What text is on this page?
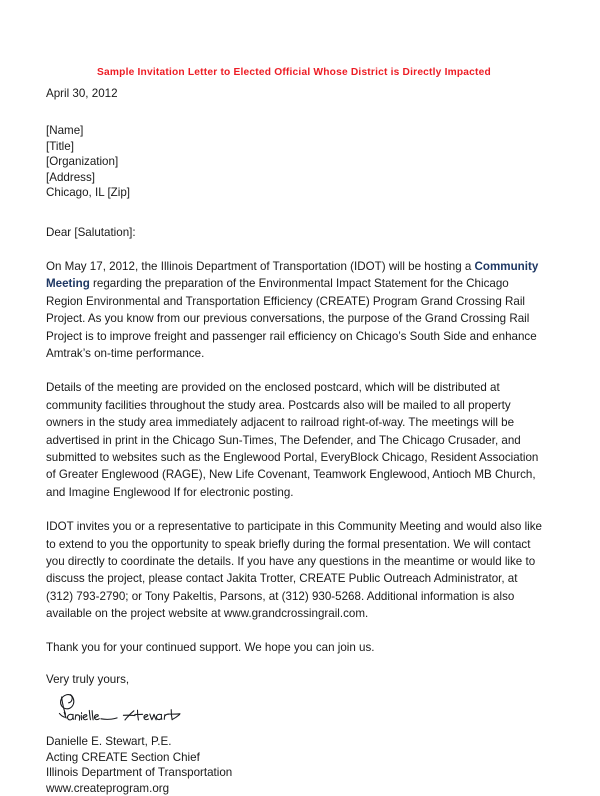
Sample Invitation Letter to Elected Official Whose District is Directly Impacted
April 30, 2012
[Name]
[Title]
[Organization]
[Address]
Chicago, IL [Zip]
Dear [Salutation]:

On May 17, 2012, the Illinois Department of Transportation (IDOT) will be hosting a Community Meeting regarding the preparation of the Environmental Impact Statement for the Chicago Region Environmental and Transportation Efficiency (CREATE) Program Grand Crossing Rail Project. As you know from our previous conversations, the purpose of the Grand Crossing Rail Project is to improve freight and passenger rail efficiency on Chicago’s South Side and enhance Amtrak’s on-time performance.

Details of the meeting are provided on the enclosed postcard, which will be distributed at community facilities throughout the study area. Postcards also will be mailed to all property owners in the study area immediately adjacent to railroad right-of-way. The meetings will be advertised in print in the Chicago Sun-Times, The Defender, and The Chicago Crusader, and submitted to websites such as the Englewood Portal, EveryBlock Chicago, Resident Association of Greater Englewood (RAGE), New Life Covenant, Teamwork Englewood, Antioch MB Church, and Imagine Englewood If for electronic posting.

IDOT invites you or a representative to participate in this Community Meeting and would also like to extend to you the opportunity to speak briefly during the formal presentation. We will contact you directly to coordinate the details. If you have any questions in the meantime or would like to discuss the project, please contact Jakita Trotter, CREATE Public Outreach Administrator, at (312) 793-2790; or Tony Pakeltis, Parsons, at (312) 930-5268. Additional information is also available on the project website at www.grandcrossingrail.com.

Thank you for your continued support. We hope you can join us.

Very truly yours,
Danielle E. Stewart, P.E.
Acting CREATE Section Chief
Illinois Department of Transportation
www.createprogram.org
